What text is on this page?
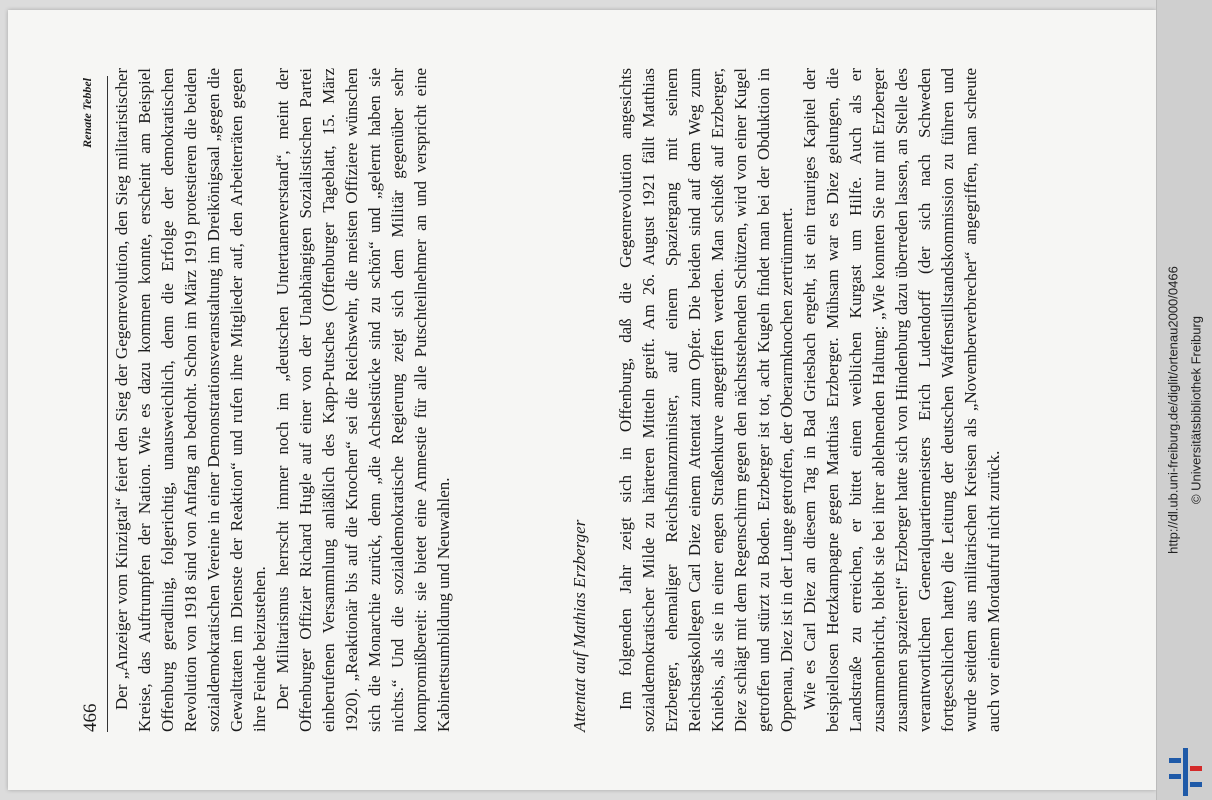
466
Renate Tebbel Der „Anzeiger vom Kinzigtal“ feiert den Sieg der Gegenrevolution, den Sieg militaristischer Kreise, das Auftrumpfen der Nation. Wie es dazu kommen konnte, erscheint am Beispiel Offenburg geradlinig, folgerichtig, unausweichlich, denn die Erfolge der demokratischen Revolution von 1918 sind von Anfang an bedroht. Schon im März 1919 protestieren die beiden sozialdemokratischen Vereine in einer Demonstrationsveranstaltung im Dreikönigsaal „gegen die Gewalttaten im Dienste der Reaktion“ und rufen ihre Mitglieder auf, den Arbeiterräten gegen ihre Feinde beizustehen. Der Militarismus herrscht immer noch im „deutschen Untertanenverstand“, meint der Offenburger Offizier Richard Hugle auf einer von der Unabhängigen Sozialistischen Partei einberufenen Versammlung anläßlich des Kapp-Putsches (Offenburger Tageblatt, 15. März 1920). „Reaktionär bis auf die Knochen“ sei die Reichswehr, die meisten Offiziere wünschen sich die Monarchie zurück, denn „die Achselstücke sind zu schön“ und „gelernt haben sie nichts.“ Und die sozialdemokratische Regierung zeigt sich dem Militär gegenüber sehr kompromißbereit: sie bietet eine Amnestie für alle Putschteilnehmer an und verspricht eine Kabinettsumbildung und Neuwahlen.	Attentat auf Mathias Erzberger Im folgenden Jahr zeigt sich in Offenburg, daß die Gegenrevolution angesichts sozialdemokratischer Milde zu härteren Mitteln greift. Am 26. August 1921 fällt Matthias Erzberger, ehemaliger Reichsfinanzminister, auf einem Spaziergang mit seinem Reichstagskollegen Carl Diez einem Attentat zum Opfer. Die beiden sind auf dem Weg zum Kniebis, als sie in einer engen Straßenkurve angegriffen werden. Man schießt auf Erzberger, Diez schlägt mit dem Regenschirm gegen den nächststehenden Schützen, wird von einer Kugel getroffen und stürzt zu Boden. Erzberger ist tot, acht Kugeln findet man bei der Obduktion in Oppenau, Diez ist in der Lunge getroffen, der Oberarmknochen zertrümmert. Wie es Carl Diez an diesem Tag in Bad Griesbach ergeht, ist ein trauriges Kapitel der beispiellosen Hetzkampagne gegen Matthias Erzberger. Mühsam war es Diez gelungen, die Landstraße zu erreichen, er bittet einen weiblichen Kurgast um Hilfe. Auch als er zusammenbricht, bleibt sie bei ihrer ablehnenden Haltung: „Wie konnten Sie nur mit Erzberger zusammen spazieren!“ Erzberger hatte sich von Hindenburg dazu überreden lassen, an Stelle des verantwortlichen Generalquartiermeisters Erich Ludendorff (der sich nach Schweden fortgeschlichen hatte) die Leitung der deutschen Waffenstillstandskommission zu führen und wurde seitdem aus militarischen Kreisen als „Novemberverbrecher“ angegriffen, man scheute auch vor einem Mordaufruf nicht zurück.

http://dl.ub.uni-freiburg.de/diglit/ortenau2000/0466 © Universitätsbibliothek Freiburg
